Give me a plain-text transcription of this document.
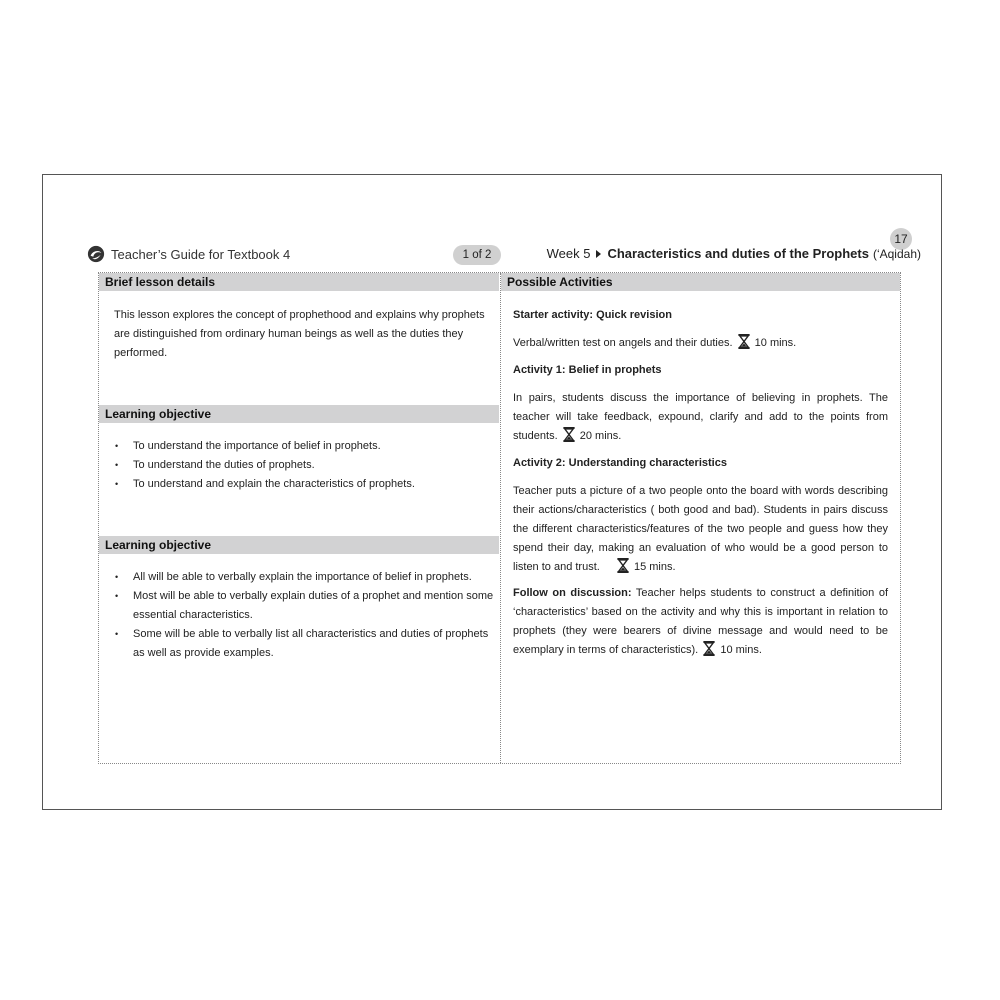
17
Teacher’s Guide for Textbook 4	1 of 2	Week 5 Characteristics and duties of the Prophets (‘Aqidah)
Brief lesson details
This lesson explores the concept of prophethood and explains why prophets are distinguished from ordinary human beings as well as the duties they performed.
Learning objective
• To understand the importance of belief in prophets.
• To understand the duties of prophets.
• To understand and explain the characteristics of prophets.
Learning objective
• All will be able to verbally explain the importance of belief in prophets.
• Most will be able to verbally explain duties of a prophet and mention some essential characteristics.
• Some will be able to verbally list all characteristics and duties of prophets as well as provide examples.
Possible Activities
Starter activity: Quick revision
Verbal/written test on angels and their duties. 10 mins.
Activity 1: Belief in prophets
In pairs, students discuss the importance of believing in prophets. The teacher will take feedback, expound, clarify and add to the points from students. 20 mins.
Activity 2: Understanding characteristics
Teacher puts a picture of a two people onto the board with words describing their actions/characteristics ( both good and bad). Students in pairs discuss the different characteristics/features of the two people and guess how they spend their day, making an evaluation of who would be a good person to listen to and trust.	15 mins.
Follow on discussion: Teacher helps students to construct a definition of ‘characteristics’ based on the activity and why this is important in relation to prophets (they were bearers of divine message and would need to be exemplary in terms of characteristics). 10 mins.
